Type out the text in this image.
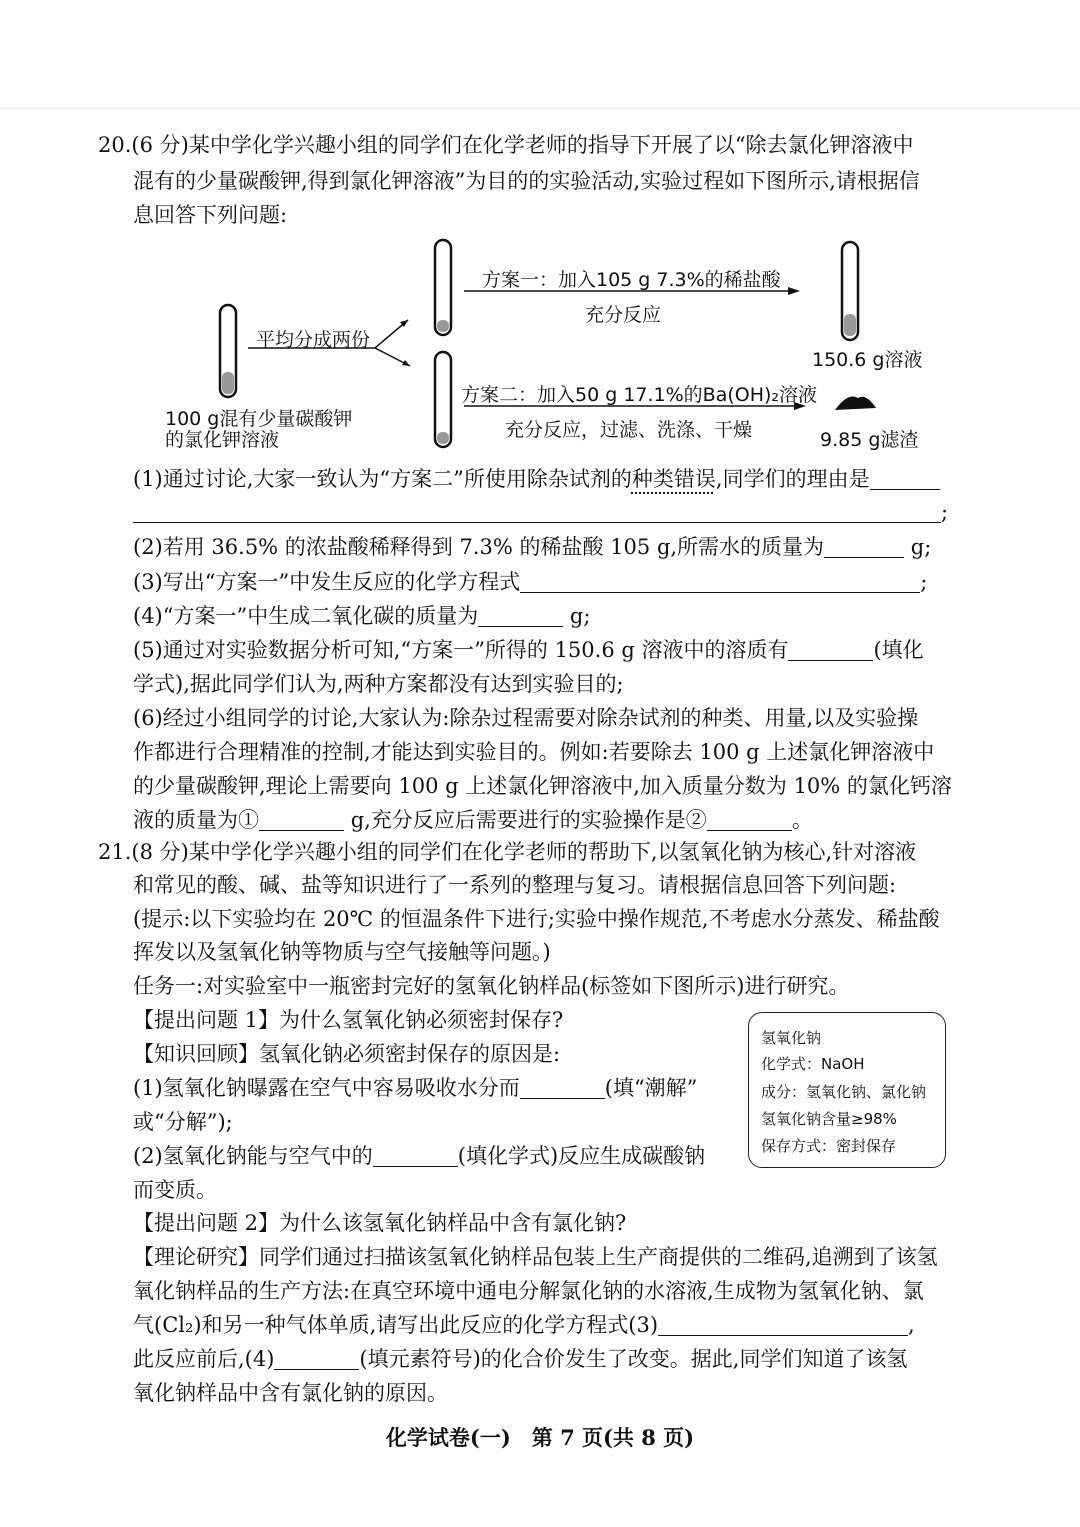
20.(6 分)某中学化学兴趣小组的同学们在化学老师的指导下开展了以“除去氯化钾溶液中
混有的少量碳酸钾,得到氯化钾溶液”为目的的实验活动,实验过程如下图所示,请根据信
息回答下列问题:
平均分成两份
方案一：加入105 g 7.3%的稀盐酸
充分反应
方案二：加入50 g 17.1%的Ba(OH)₂溶液
充分反应，过滤、洗涤、干燥
100 g混有少量碳酸钾
的氯化钾溶液
150.6 g溶液
9.85 g滤渣
(1)通过讨论,大家一致认为“方案二”所使用除杂试剂的种类错误,同学们的理由是
;
(2)若用 36.5% 的浓盐酸稀释得到 7.3% 的稀盐酸 105 g,所需水的质量为	g;
(3)写出“方案一”中发生反应的化学方程式	;
(4)“方案一”中生成二氧化碳的质量为	g;
(5)通过对实验数据分析可知,“方案一”所得的 150.6 g 溶液中的溶质有	(填化
学式),据此同学们认为,两种方案都没有达到实验目的;
(6)经过小组同学的讨论,大家认为:除杂过程需要对除杂试剂的种类、用量,以及实验操
作都进行合理精准的控制,才能达到实验目的。例如:若要除去 100 g 上述氯化钾溶液中
的少量碳酸钾,理论上需要向 100 g 上述氯化钾溶液中,加入质量分数为 10% 的氯化钙溶
液的质量为①	g,充分反应后需要进行的实验操作是②	。
21.(8 分)某中学化学兴趣小组的同学们在化学老师的帮助下,以氢氧化钠为核心,针对溶液
和常见的酸、碱、盐等知识进行了一系列的整理与复习。请根据信息回答下列问题:
(提示:以下实验均在 20℃ 的恒温条件下进行;实验中操作规范,不考虑水分蒸发、稀盐酸
挥发以及氢氧化钠等物质与空气接触等问题。)
任务一:对实验室中一瓶密封完好的氢氧化钠样品(标签如下图所示)进行研究。
【提出问题 1】为什么氢氧化钠必须密封保存?
【知识回顾】氢氧化钠必须密封保存的原因是:
(1)氢氧化钠曝露在空气中容易吸收水分而	(填“潮解”
或“分解”);
(2)氢氧化钠能与空气中的	(填化学式)反应生成碳酸钠
而变质。
氢氧化钠
化学式：NaOH
成分：氢氧化钠、氯化钠
氢氧化钠含量≥98%
保存方式：密封保存
【提出问题 2】为什么该氢氧化钠样品中含有氯化钠?
【理论研究】同学们通过扫描该氢氧化钠样品包装上生产商提供的二维码,追溯到了该氢
氧化钠样品的生产方法:在真空环境中通电分解氯化钠的水溶液,生成物为氢氧化钠、氯
气(Cl₂)和另一种气体单质,请写出此反应的化学方程式(3)	,
此反应前后,(4)	(填元素符号)的化合价发生了改变。据此,同学们知道了该氢
氧化钠样品中含有氯化钠的原因。
化学试卷(一)　第 7 页(共 8 页)
